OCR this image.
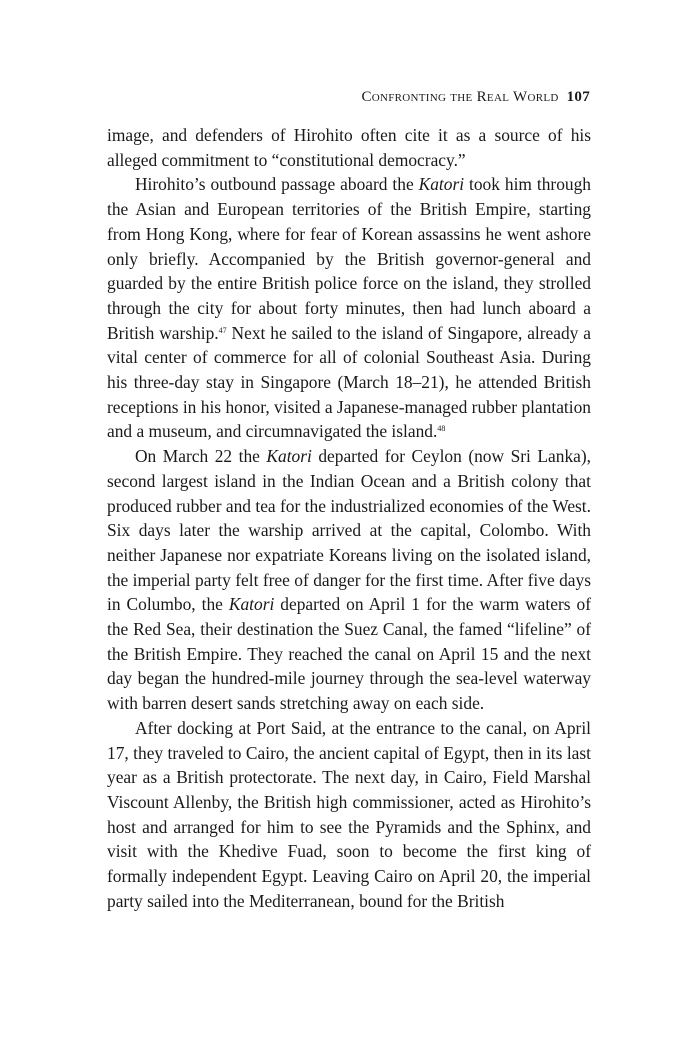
Confronting the Real World 107

image, and defenders of Hirohito often cite it as a source of his alleged commitment to “constitutional democracy.”

Hirohito’s outbound passage aboard the Katori took him through the Asian and European territories of the British Empire, starting from Hong Kong, where for fear of Korean assassins he went ashore only briefly. Accompanied by the British governor-general and guarded by the entire British police force on the island, they strolled through the city for about forty minutes, then had lunch aboard a British warship.$^{47}$ Next he sailed to the island of Singapore, already a vital center of commerce for all of colonial Southeast Asia. During his three-day stay in Singapore (March 18–21), he attended British receptions in his honor, visited a Japanese-managed rubber plantation and a museum, and circumnavigated the island.$^{48}$

On March 22 the Katori departed for Ceylon (now Sri Lanka), second largest island in the Indian Ocean and a British colony that produced rubber and tea for the industrialized economies of the West. Six days later the warship arrived at the capital, Colombo. With neither Japanese nor expatriate Koreans living on the isolated island, the imperial party felt free of danger for the first time. After five days in Columbo, the Katori departed on April 1 for the warm waters of the Red Sea, their destination the Suez Canal, the famed “lifeline” of the British Empire. They reached the canal on April 15 and the next day began the hundred-mile journey through the sea-level waterway with barren desert sands stretching away on each side.

After docking at Port Said, at the entrance to the canal, on April 17, they traveled to Cairo, the ancient capital of Egypt, then in its last year as a British protectorate. The next day, in Cairo, Field Marshal Viscount Allenby, the British high commissioner, acted as Hirohito’s host and arranged for him to see the Pyramids and the Sphinx, and visit with the Khedive Fuad, soon to become the first king of formally independent Egypt. Leaving Cairo on April 20, the imperial party sailed into the Mediterranean, bound for the British
